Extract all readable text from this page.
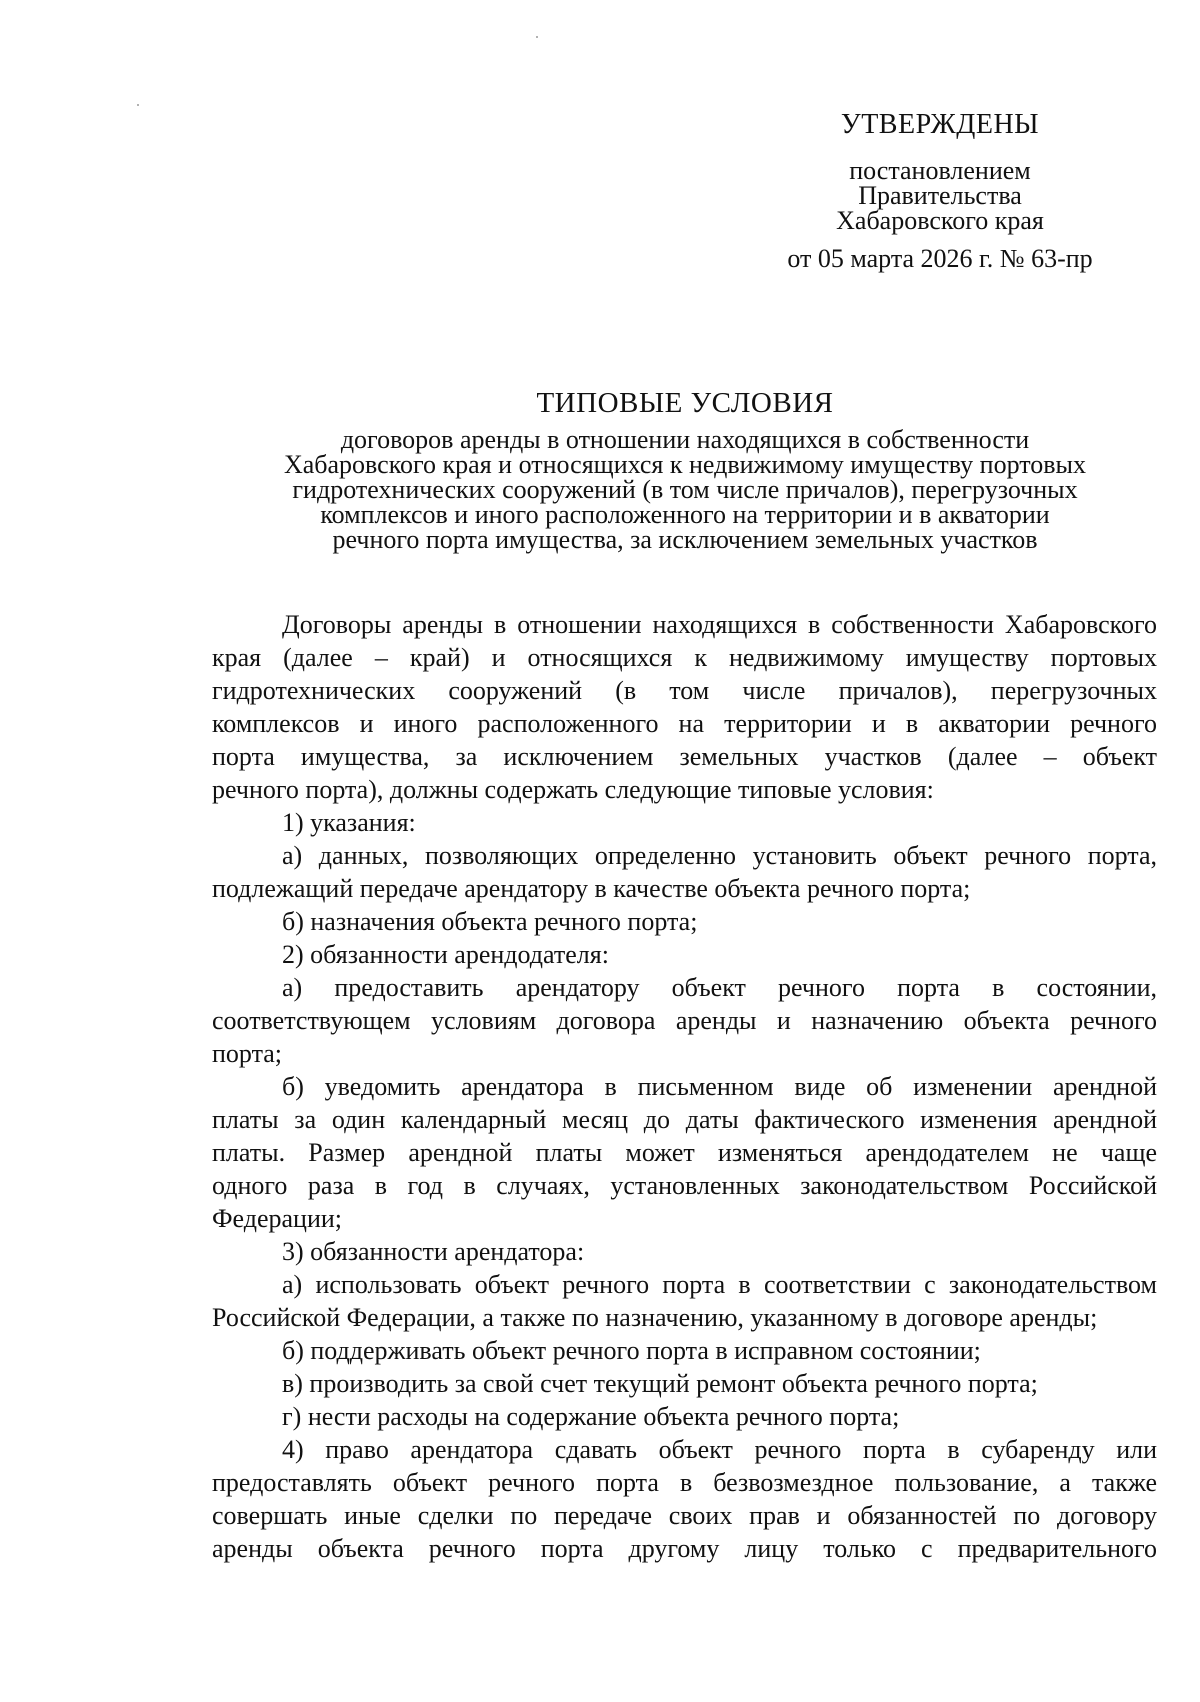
УТВЕРЖДЕНЫ
постановлением
Правительства
Хабаровского края
от 05 марта 2026 г. № 63-пр
ТИПОВЫЕ УСЛОВИЯ
договоров аренды в отношении находящихся в собственности
Хабаровского края и относящихся к недвижимому имуществу портовых
гидротехнических сооружений (в том числе причалов), перегрузочных
комплексов и иного расположенного на территории и в акватории
речного порта имущества, за исключением земельных участков
Договоры аренды в отношении находящихся в собственности Хабаровского
края (далее – край) и относящихся к недвижимому имуществу портовых
гидротехнических сооружений (в том числе причалов), перегрузочных
комплексов и иного расположенного на территории и в акватории речного
порта имущества, за исключением земельных участков (далее – объект
речного порта), должны содержать следующие типовые условия:
1) указания:
а) данных, позволяющих определенно установить объект речного порта,
подлежащий передаче арендатору в качестве объекта речного порта;
б) назначения объекта речного порта;
2) обязанности арендодателя:
а) предоставить арендатору объект речного порта в состоянии,
соответствующем условиям договора аренды и назначению объекта речного
порта;
б) уведомить арендатора в письменном виде об изменении арендной
платы за один календарный месяц до даты фактического изменения арендной
платы. Размер арендной платы может изменяться арендодателем не чаще
одного раза в год в случаях, установленных законодательством Российской
Федерации;
3) обязанности арендатора:
а) использовать объект речного порта в соответствии с законодательством
Российской Федерации, а также по назначению, указанному в договоре аренды;
б) поддерживать объект речного порта в исправном состоянии;
в) производить за свой счет текущий ремонт объекта речного порта;
г) нести расходы на содержание объекта речного порта;
4) право арендатора сдавать объект речного порта в субаренду или
предоставлять объект речного порта в безвозмездное пользование, а также
совершать иные сделки по передаче своих прав и обязанностей по договору
аренды объекта речного порта другому лицу только с предварительного
